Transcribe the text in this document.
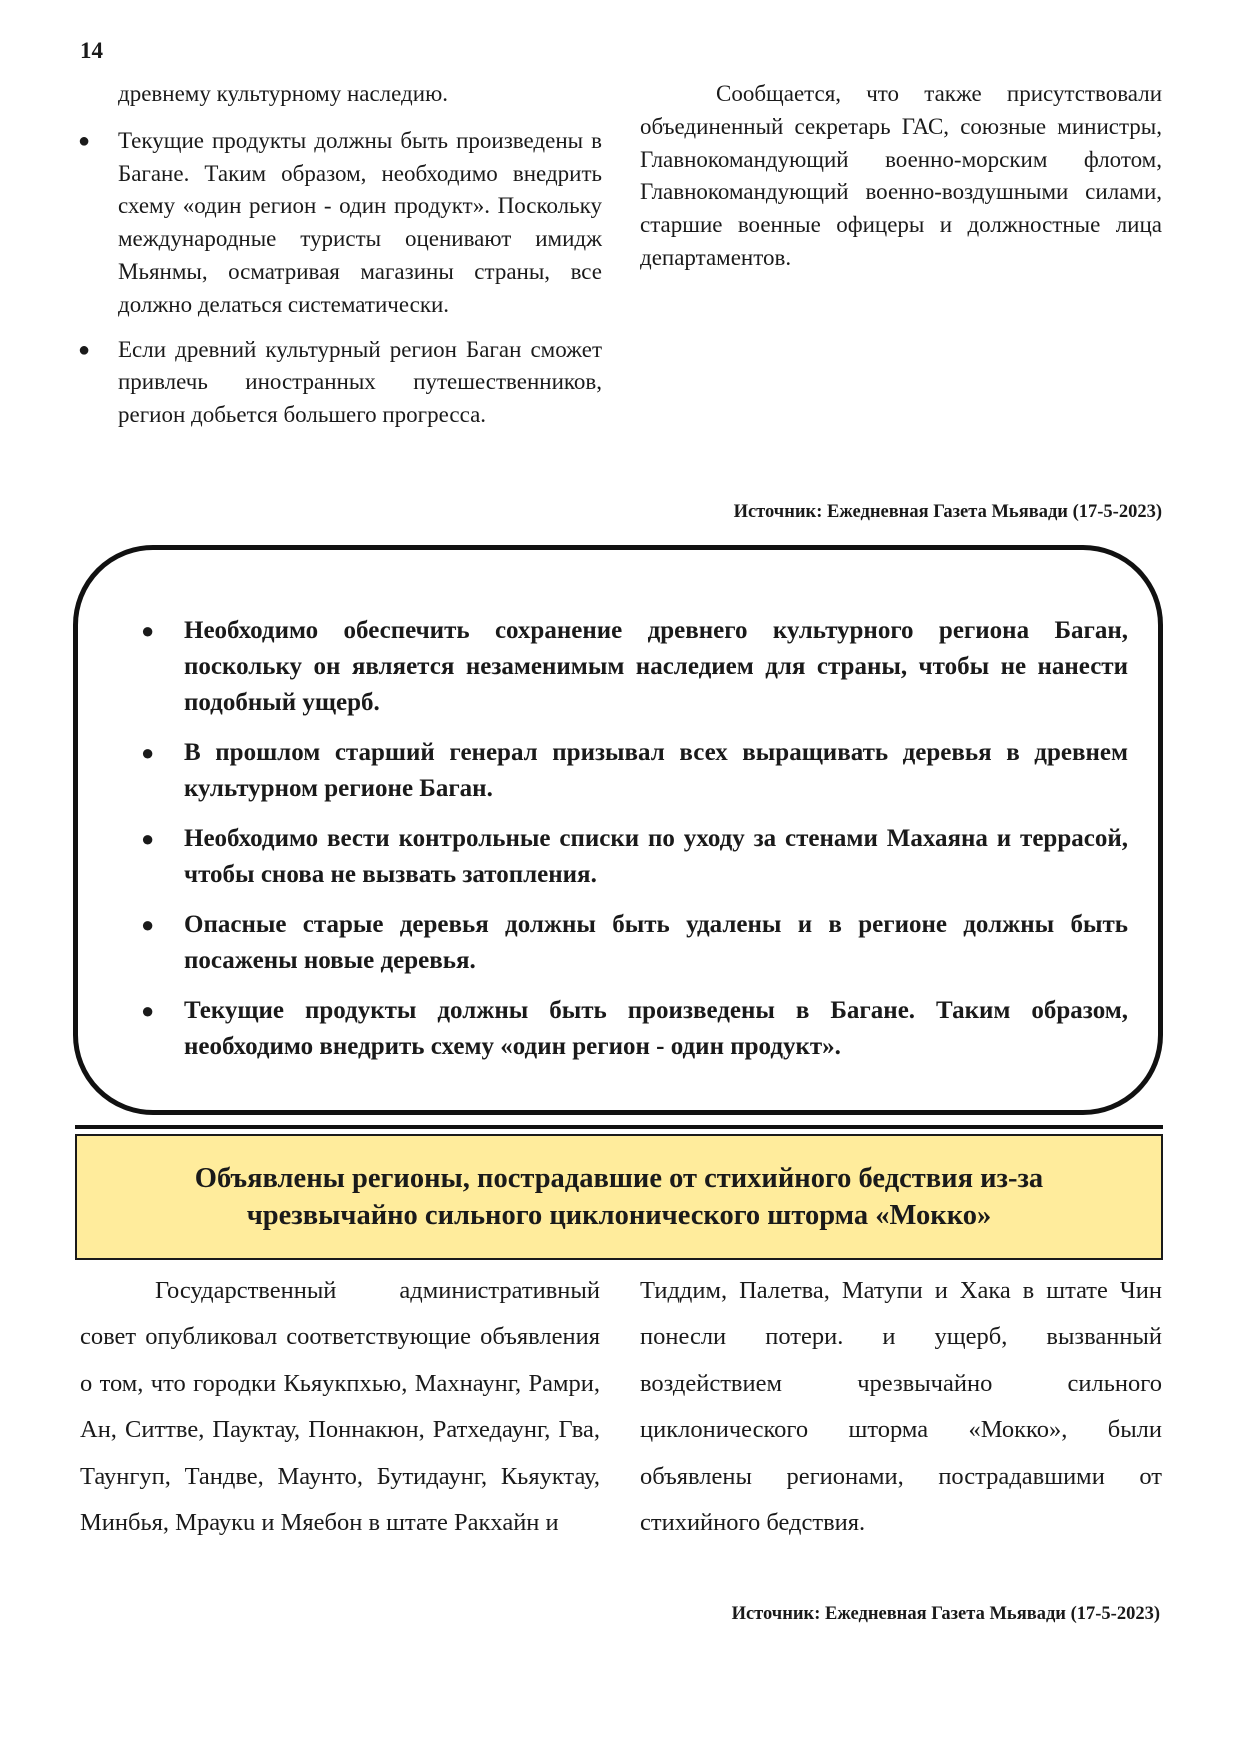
14

древнему культурному наследию.

● Текущие продукты должны быть произведены в Багане. Таким образом, необходимо внедрить схему «один регион - один продукт». Поскольку международные туристы оценивают имидж Мьянмы, осматривая магазины страны, все должно делаться систематически.
● Если древний культурный регион Баган сможет привлечь иностранных путешественников, регион добьется большего прогресса.

Сообщается, что также присутствовали объединенный секретарь ГАС, союзные министры, Главнокомандующий военно-морским флотом, Главнокомандующий военно-воздушными силами, старшие военные офицеры и должностные лица департаментов.

Источник: Ежедневная Газета Мьявади (17-5-2023)
● Необходимо обеспечить сохранение древнего культурного региона Баган, поскольку он является незаменимым наследием для страны, чтобы не нанести подобный ущерб.
● В прошлом старший генерал призывал всех выращивать деревья в древнем культурном регионе Баган.
● Необходимо вести контрольные списки по уходу за стенами Махаяна и террасой, чтобы снова не вызвать затопления.
● Опасные старые деревья должны быть удалены и в регионе должны быть посажены новые деревья.
● Текущие продукты должны быть произведены в Багане. Таким образом, необходимо внедрить схему «один регион - один продукт».
Объявлены регионы, пострадавшие от стихийного бедствия из-за
чрезвычайно сильного циклонического шторма «Мокко»

Государственный административный совет опубликовал соответствующие объявления о том, что городки Кьяукпхью, Махнаунг, Рамри, Ан, Ситтве, Пауктау, Поннакюн, Ратхедаунг, Гва, Таунгуп, Тандве, Маунто, Бутидаунг, Кьяуктау, Минбья, Мраукu и Мяебон в штате Ракхайн и

Тиддим, Палетва, Матупи и Хака в штате Чин понесли потери. и ущерб, вызванный воздействием чрезвычайно сильного циклонического шторма «Мокко», были объявлены регионами, пострадавшими от стихийного бедствия.

Источник: Ежедневная Газета Мьявади (17-5-2023)
